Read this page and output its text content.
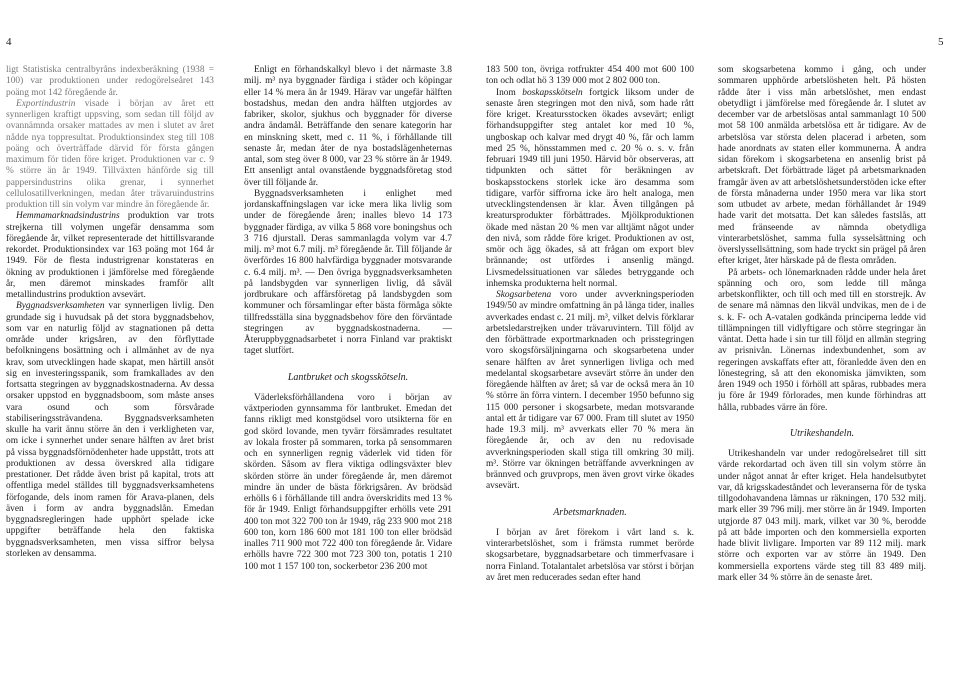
4	5

ligt Statistiska centralbyråns indexberäkning (1938 = 100) var produktionen under redogörelseåret 143 poäng mot 142 föregående år.

Exportindustrin visade i början av året ett synnerligen kraftigt uppsving, som sedan till följd av ovannämnda orsaker mattades av men i slutet av året nådde nya toppresultat. Produktionsindex steg till 108 poäng och överträffade därvid för första gången maximum för tiden före kriget. Produktionen var c. 9 % större än år 1949. Tillväxten hänförde sig till pappersindustrins olika grenar, i synnerhet cellulosatillverkningen, medan åter trävaruindustrins produktion till sin volym var mindre än föregående år.

Hemmamarknadsindustrins produktion var trots strejkerna till volymen ungefär densamma som föregående år, vilket representerade det hittillsvarande rekordet. Produktionsindex var 163 poäng mot 164 år 1949. För de flesta industrigrenar konstateras en ökning av produktionen i jämförelse med föregående år, men däremot minskades framför allt metallindustrins produktion avsevärt.

Byggnadsverksamheten var synnerligen livlig. Den grundade sig i huvudsak på det stora byggnadsbehov, som var en naturlig följd av stagnationen på detta område under krigsåren, av den förflyttade befolkningens bosättning och i allmänhet av de nya krav, som utvecklingen hade skapat, men härtill ansöt sig en investeringsspanik, som framkallades av den fortsatta stegringen av byggnadskostnaderna. Av dessa orsaker uppstod en byggnadsboom, som måste anses vara osund och som försvårade stabiliseringssträvandena. Byggnadsverksamheten skulle ha varit ännu större än den i verkligheten var, om icke i synnerhet under senare hälften av året brist på vissa byggnadsförnödenheter hade uppstått, trots att produktionen av dessa överskred alla tidigare prestationer. Det rådde även brist på kapital, trots att offentliga medel ställdes till byggnadsverksamhetens förfogande, dels inom ramen för Arava-planen, dels även i form av andra byggnadslån. Emedan byggnadsregleringen hade upphört spelade icke uppgifter beträffande hela den faktiska byggnadsverksamheten, men vissa siffror belysa storleken av densamma.

Enligt en förhandskalkyl blevo i det närmaste 3.8 milj. m³ nya byggnader färdiga i städer och köpingar eller 14 % mera än år 1949. Härav var ungefär hälften bostadshus, medan den andra hälften utgjordes av fabriker, skolor, sjukhus och byggnader för diverse andra ändamål. Beträffande den senare kategorin har en minskning skett, med c. 11 %, i förhållande till senaste år, medan åter de nya bostadslägenheternas antal, som steg över 8 000, var 23 % större än år 1949. Ett ansenligt antal ovanstående byggnadsföretag stod över till följande år.

Byggnadsverksamheten i enlighet med jordanskaffningslagen var icke mera lika livlig som under de föregående åren; inalles blevo 14 173 byggnader färdiga, av vilka 5 868 vore boningshus och 3 716 djurstall. Deras sammanlagda volym var 4.7 milj. m³ mot 6.7 milj. m³ föregående år. Till följande år överfördes 16 800 halvfärdiga byggnader motsvarande c. 6.4 milj. m³. — Den övriga byggnadsverksamheten på landsbygden var synnerligen livlig, då såväl jordbrukare och affärsföretag på landsbygden som kommuner och församlingar efter bästa förmåga sökte tillfredsställa sina byggnadsbehov före den förväntade stegringen av byggnadskostnaderna. — Återuppbyggnadsarbetet i norra Finland var praktiskt taget slutfört.

Lantbruket och skogsskötseln.

Väderleksförhållandena voro i början av växtperioden gynnsamma för lantbruket. Emedan det fanns rikligt med konstgödsel voro utsikterna för en god skörd lovande, men tyvärr försämrades resultatet av lokala froster på sommaren, torka på sensommaren och en synnerligen regnig väderlek vid tiden för skörden. Såsom av flera viktiga odlingsväxter blev skörden större än under föregående år, men däremot mindre än under de bästa förkrigsåren. Av brödsäd erhölls 6 i förhållande till andra överskridits med 13 % för år 1949. Enligt förhandsuppgifter erhölls vete 291 400 ton mot 322 700 ton år 1949, råg 233 900 mot 218 600 ton, korn 186 600 mot 181 100 ton eller brödsäd inalles 711 900 mot 722 400 ton föregående år. Vidare erhölls havre 722 300 mot 723 300 ton, potatis 1 210 100 mot 1 157 100 ton, sockerbetor 236 200 mot

183 500 ton, övriga rotfrukter 454 400 mot 600 100 ton och odlat hö 3 139 000 mot 2 802 000 ton.

Inom boskapsskötseln fortgick liksom under de senaste åren stegringen mot den nivå, som hade rått före kriget. Kreatursstocken ökades avsevärt; enligt förhandsuppgifter steg antalet kor med 10 %, ungboskap och kalvar med drygt 40 %, får och lamm med 25 %, hönsstammen med c. 20 % o. s. v. från februari 1949 till juni 1950. Härvid bör observeras, att tidpunkten och sättet för beräkningen av boskapsstockens storlek icke äro desamma som tidigare, varför siffrorna icke äro helt analoga, men utvecklingstendensen är klar. Även tillgången på kreatursprodukter förbättrades. Mjölkproduktionen ökade med nästan 20 % men var alltjämt något under den nivå, som rådde före kriget. Produktionen av ost, smör och ägg ökades, så att frågan om export blev brännande; ost utfördes i ansenlig mängd. Livsmedelssituationen var således betryggande och inhemska produkterna helt normal.

Skogsarbetena voro under avverkningsperioden 1949/50 av mindre omfattning än på länga tider, inalles avverkades endast c. 21 milj. m³, vilket delvis förklarar arbetsledarstrejken under trävaruvintern. Till följd av den förbättrade exportmarknaden och prisstegringen voro skogsförsäljningarna och skogsarbetena under senare hälften av året synnerligen livliga och med medelantal skogsarbetare avsevärt större än under den föregående hälften av året; så var de också mera än 10 % större än förra vintern. I december 1950 befunno sig 115 000 personer i skogsarbete, medan motsvarande antal ett år tidigare var 67 000. Fram till slutet av 1950 hade 19.3 milj. m³ avverkats eller 70 % mera än föregående år, och av den nu redovisade avverkningsperioden skall stiga till omkring 30 milj. m³. Större var ökningen beträffande avverkningen av brännved och gruvprops, men även grovt virke ökades avsevärt.

Arbetsmarknaden.

I början av året förekom i vårt land s. k. vinterarbetslöshet, som i främsta rummet berörde skogsarbetare, byggnadsarbetare och timmerfvasare i norra Finland. Totalantalet arbetslösa var störst i början av året men reducerades sedan efter hand

som skogsarbetena kommo i gång, och under sommaren upphörde arbetslösheten helt. På hösten rådde åter i viss mån arbetslöshet, men endast obetydligt i jämförelse med föregående år. I slutet av december var de arbetslösas antal sammanlagt 10 500 mot 58 100 anmälda arbetslösa ett år tidigare. Av de arbetslösa var största delen placerad i arbeten, som hade anordnats av staten eller kommunerna. Å andra sidan förekom i skogsarbetena en ansenlig brist på arbetskraft. Det förbättrade läget på arbetsmarknaden framgår även av att arbetslöshetsunderstöden icke efter de första månaderna under 1950 mera var lika stort som utbudet av arbete, medan förhållandet år 1949 hade varit det motsatta. Det kan således fastslås, att med fränseende av nämnda obetydliga vinterarbetslöshet, samma fulla sysselsättning och överslyssellsättning, som hade tryckt sin prägel på åren efter kriget, åter härskade på de flesta områden.

På arbets- och lönemarknaden rådde under hela året spänning och oro, som ledde till många arbetskonflikter, och till och med till en storstrejk. Av de senare må nämnas den likväl undvikas, men de i de s. k. F- och A-vatalen godkända principerna ledde vid tillämpningen till vidlyftigare och större stegringar än väntat. Detta hade i sin tur till följd en allmän stegring av prisnivån. Lönernas indexbundenhet, som av regeringen avskaffats efter att, föranledde även den en lönestegring, så att den ekonomiska jämvikten, som åren 1949 och 1950 i förhöll att spåras, rubbades mera ju före år 1949 förlorades, men kunde förhindras att hålla, rubbades värre än före.

Utrikeshandeln.

Utrikeshandeln var under redogörelseåret till sitt värde rekordartad och även till sin volym större än under något annat år efter kriget. Hela handelsutbytet var, då krigsskadeståndet och leveranserna för de tyska tillgodohavandena lämnas ur räkningen, 170 532 milj. mark eller 39 796 milj. mer större än år 1949. Importen utgjorde 87 043 milj. mark, vilket var 30 %, berodde på att både importen och den kommersiella exporten hade blivit livligare. Importen var 89 112 milj. mark större och exporten var av större än 1949. Den kommersiella exportens värde steg till 83 489 milj. mark eller 34 % större än de senaste året.
